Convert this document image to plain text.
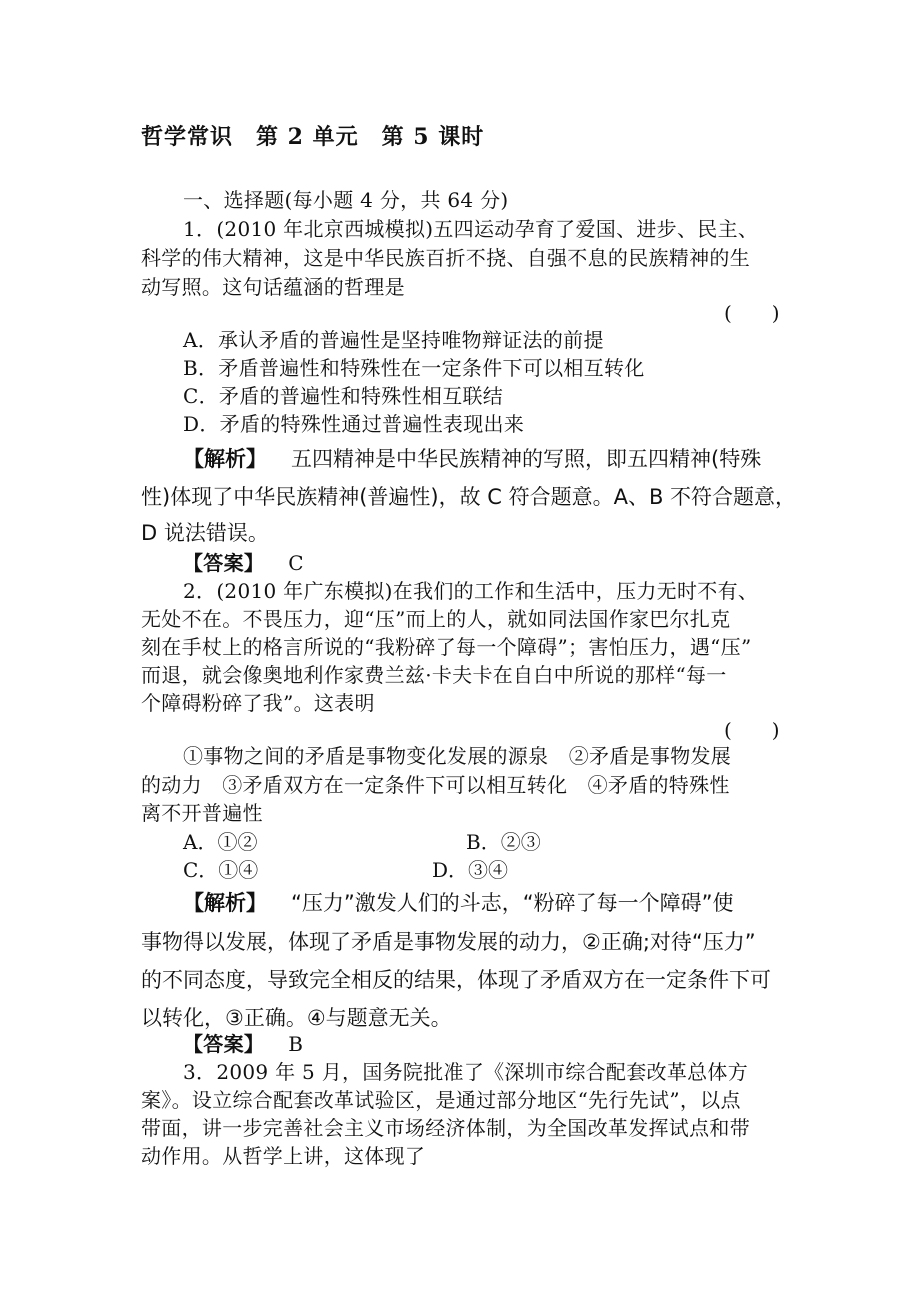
哲学常识　第 2 单元　第 5 课时
一、选择题(每小题 4 分，共 64 分)
1．(2010 年北京西城模拟)五四运动孕育了爱国、进步、民主、
科学的伟大精神，这是中华民族百折不挠、自强不息的民族精神的生
动写照。这句话蕴涵的哲理是
(　　)
A．承认矛盾的普遍性是坚持唯物辩证法的前提
B．矛盾普遍性和特殊性在一定条件下可以相互转化
C．矛盾的普遍性和特殊性相互联结
D．矛盾的特殊性通过普遍性表现出来
【解析】 五四精神是中华民族精神的写照，即五四精神(特殊
性)体现了中华民族精神(普遍性)，故 C 符合题意。A、B 不符合题意，
D 说法错误。
【答案】 C
2．(2010 年广东模拟)在我们的工作和生活中，压力无时不有、
无处不在。不畏压力，迎“压”而上的人，就如同法国作家巴尔扎克
刻在手杖上的格言所说的“我粉碎了每一个障碍”；害怕压力，遇“压”
而退，就会像奥地利作家费兰兹·卡夫卡在自白中所说的那样“每一
个障碍粉碎了我”。这表明
(　　)
①事物之间的矛盾是事物变化发展的源泉　②矛盾是事物发展
的动力　③矛盾双方在一定条件下可以相互转化　④矛盾的特殊性
离不开普遍性
A．①②	B．②③
C．①④	D．③④
【解析】 “压力”激发人们的斗志，“粉碎了每一个障碍”使
事物得以发展，体现了矛盾是事物发展的动力，②正确;对待“压力”
的不同态度，导致完全相反的结果，体现了矛盾双方在一定条件下可
以转化，③正确。④与题意无关。
【答案】 B
3．2009 年 5 月，国务院批准了《深圳市综合配套改革总体方
案》。设立综合配套改革试验区，是通过部分地区“先行先试”，以点
带面，讲一步完善社会主义市场经济体制，为全国改革发挥试点和带
动作用。从哲学上讲，这体现了
